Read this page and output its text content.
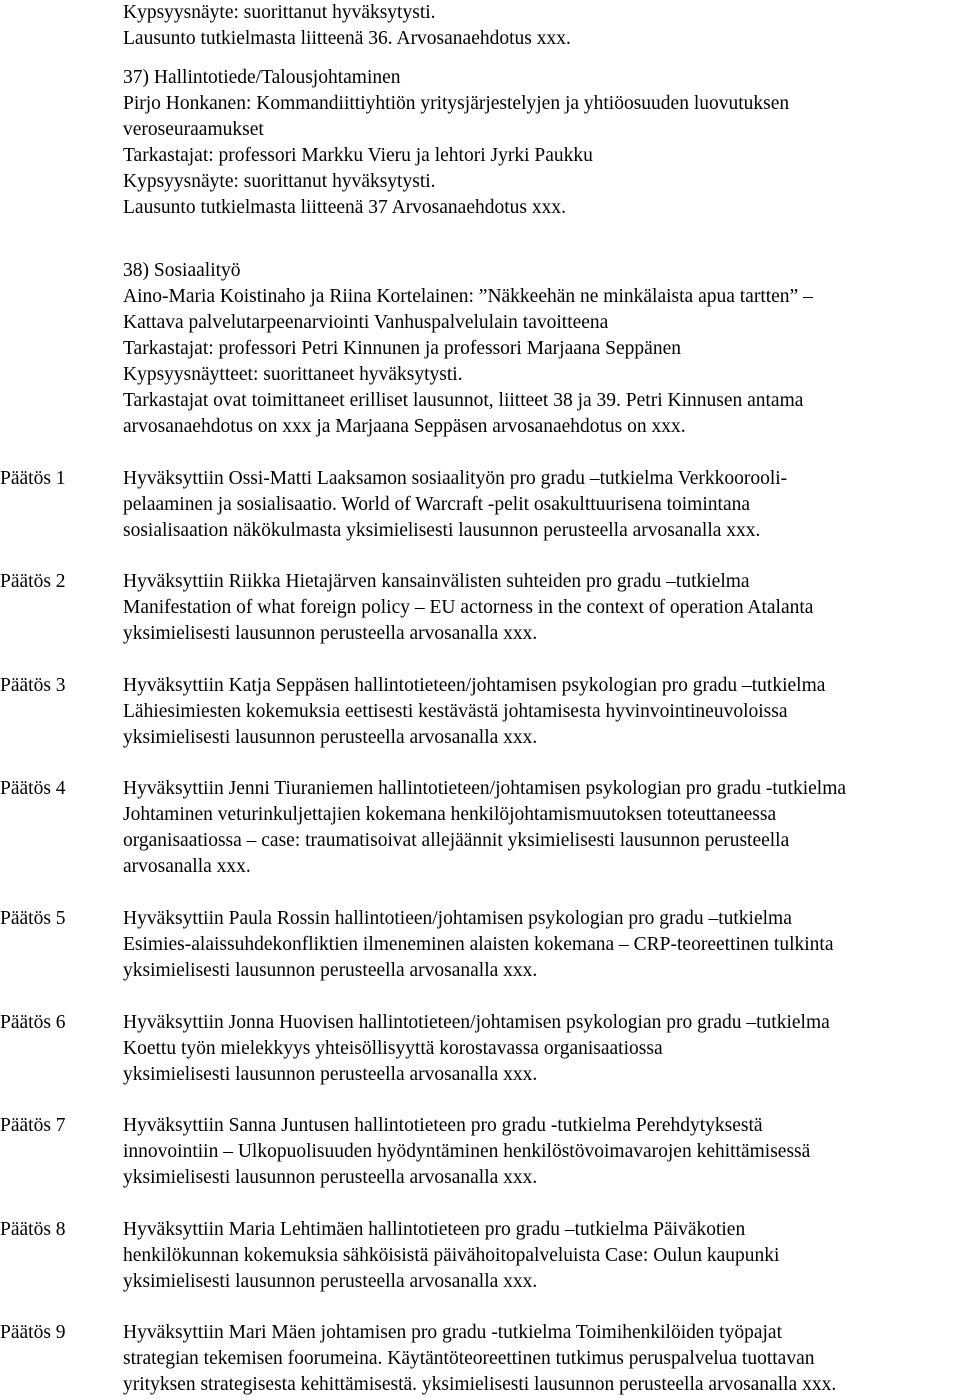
Kypsyysnäyte: suorittanut hyväksytysti.
Lausunto tutkielmasta liitteenä 36. Arvosanaehdotus xxx.
37) Hallintotiede/Talousjohtaminen
Pirjo Honkanen: Kommandiittiyhtiön yritysjärjestelyjen ja yhtiöosuuden luovutuksen
veroseuraamukset
Tarkastajat: professori Markku Vieru ja lehtori Jyrki Paukku
Kypsyysnäyte: suorittanut hyväksytysti.
Lausunto tutkielmasta liitteenä 37 Arvosanaehdotus xxx.
38) Sosiaalityö
Aino-Maria Koistinaho ja Riina Kortelainen: ”Näkkeehän ne minkälaista apua tartten” –
Kattava palvelutarpeenarviointi Vanhuspalvelulain tavoitteena
Tarkastajat: professori Petri Kinnunen ja professori Marjaana Seppänen
Kypsyysnäytteet: suorittaneet hyväksytysti.
Tarkastajat ovat toimittaneet erilliset lausunnot, liitteet 38 ja 39. Petri Kinnusen antama
arvosanaehdotus on xxx ja Marjaana Seppäsen arvosanaehdotus on xxx.
Päätös 1	Hyväksyttiin Ossi-Matti Laaksamon sosiaalityön pro gradu –tutkielma Verkkoorooli-
pelaaminen ja sosialisaatio. World of Warcraft -pelit osakulttuurisena toimintana
sosialisaation näkökulmasta yksimielisesti lausunnon perusteella arvosanalla xxx.
Päätös 2	Hyväksyttiin Riikka Hietajärven kansainvälisten suhteiden pro gradu –tutkielma
Manifestation of what foreign policy – EU actorness in the context of operation Atalanta
yksimielisesti lausunnon perusteella arvosanalla xxx.
Päätös 3	Hyväksyttiin Katja Seppäsen hallintotieteen/johtamisen psykologian pro gradu –tutkielma
Lähiesimiesten kokemuksia eettisesti kestävästä johtamisesta hyvinvointineuvoloissa
yksimielisesti lausunnon perusteella arvosanalla xxx.
Päätös 4	Hyväksyttiin Jenni Tiuraniemen hallintotieteen/johtamisen psykologian pro gradu -tutkielma
Johtaminen veturinkuljettajien kokemana henkilöjohtamismuutoksen toteuttaneessa
organisaatiossa – case: traumatisoivat allejäännit yksimielisesti lausunnon perusteella
arvosanalla xxx.
Päätös 5	Hyväksyttiin Paula Rossin hallintotieen/johtamisen psykologian pro gradu –tutkielma
Esimies-alaissuhdekonfliktien ilmeneminen alaisten kokemana – CRP-teoreettinen tulkinta
yksimielisesti lausunnon perusteella arvosanalla xxx.
Päätös 6	Hyväksyttiin Jonna Huovisen hallintotieteen/johtamisen psykologian pro gradu –tutkielma
Koettu työn mielekkyys yhteisöllisyyttä korostavassa organisaatiossa
yksimielisesti lausunnon perusteella arvosanalla xxx.
Päätös 7	Hyväksyttiin Sanna Juntusen hallintotieteen pro gradu -tutkielma Perehdytyksestä
innovointiin – Ulkopuolisuuden hyödyntäminen henkilöstövoimavarojen kehittämisessä
yksimielisesti lausunnon perusteella arvosanalla xxx.
Päätös 8	Hyväksyttiin Maria Lehtimäen hallintotieteen pro gradu –tutkielma Päiväkotien
henkilökunnan kokemuksia sähköisistä päivähoitopalveluista Case: Oulun kaupunki
yksimielisesti lausunnon perusteella arvosanalla xxx.
Päätös 9	Hyväksyttiin Mari Mäen johtamisen pro gradu -tutkielma Toimihenkilöiden työpajat
strategian tekemisen foorumeina. Käytäntöteoreettinen tutkimus peruspalvelua tuottavan
yrityksen strategisesta kehittämisestä. yksimielisesti lausunnon perusteella arvosanalla xxx.
